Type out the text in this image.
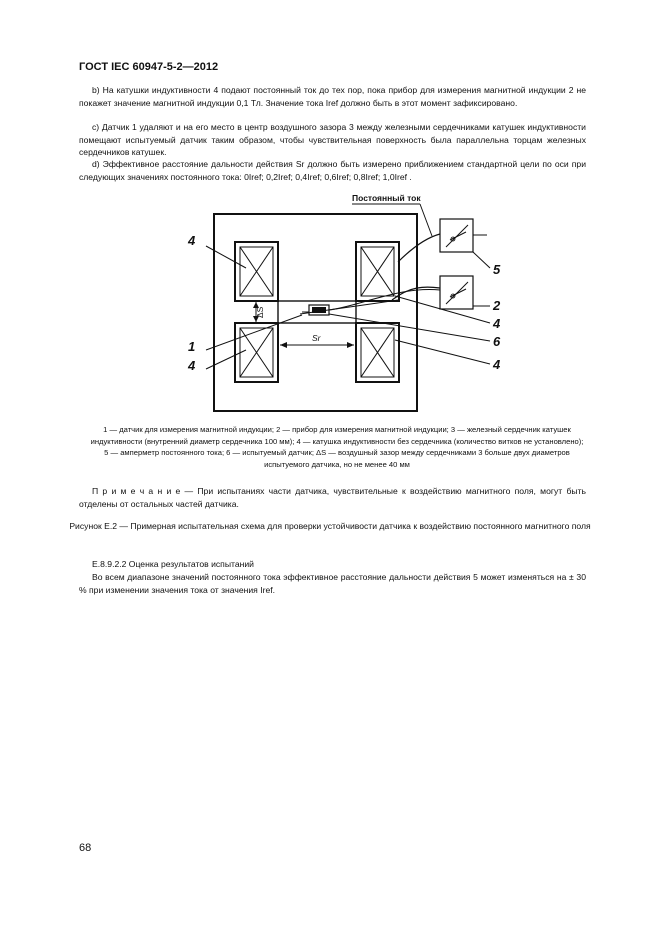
ГОСТ IEC 60947-5-2—2012
b) На катушки индуктивности 4 подают постоянный ток до тех пор, пока прибор для измерения магнитной индукции 2 не покажет значение магнитной индукции 0,1 Тл. Значение тока Iref должно быть в этот момент зафиксировано.
c) Датчик 1 удаляют и на его место в центр воздушного зазора 3 между железными сердечниками катушек индуктивности помещают испытуемый датчик таким образом, чтобы чувствительная поверхность была параллельна торцам железных сердечников катушек.
d) Эффективное расстояние дальности действия Sr должно быть измерено приближением стандартной цели по оси при следующих значениях постоянного тока: 0Iref; 0,2Iref; 0,4Iref; 0,6Iref; 0,8Iref; 1,0Iref .
ΔS
Sr
Постоянный ток
4
1
4
5
2
4
6
4
1 — датчик для измерения магнитной индукции; 2 — прибор для измерения магнитной индукции; 3 — железный сердечник катушек индуктивности (внутренний диаметр сердечника 100 мм); 4 — катушка индуктивности без сердечника (количество витков не установлено); 5 — амперметр постоянного тока; 6 — испытуемый датчик; ΔS — воздушный зазор между сердечниками 3 больше двух диаметров испытуемого датчика, но не менее 40 мм
П р и м е ч а н и е — При испытаниях части датчика, чувствительные к воздействию магнитного поля, могут быть отделены от остальных частей датчика.
Рисунок Е.2 — Примерная испытательная схема для проверки устойчивости датчика к воздействию постоянного магнитного поля
Е.8.9.2.2 Оценка результатов испытаний
Во всем диапазоне значений постоянного тока эффективное расстояние дальности действия 5 может изменяться на ± 30 % при изменении значения тока от значения Iref.
68
